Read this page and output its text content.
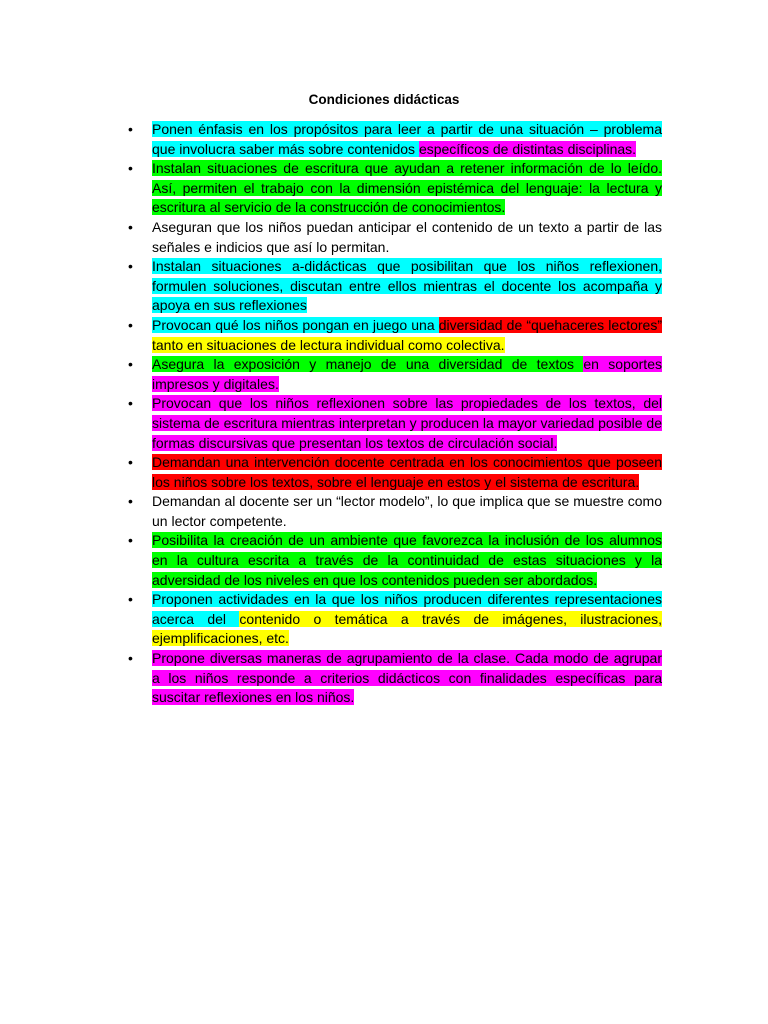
Condiciones didácticas
• Ponen énfasis en los propósitos para leer a partir de una situación – problema que involucra saber más sobre contenidos específicos de distintas disciplinas.
• Instalan situaciones de escritura que ayudan a retener información de lo leído. Así, permiten el trabajo con la dimensión epistémica del lenguaje: la lectura y escritura al servicio de la construcción de conocimientos.
• Aseguran que los niños puedan anticipar el contenido de un texto a partir de las señales e indicios que así lo permitan.
• Instalan situaciones a-didácticas que posibilitan que los niños reflexionen, formulen soluciones, discutan entre ellos mientras el docente los acompaña y apoya en sus reflexiones
• Provocan qué los niños pongan en juego una diversidad de “quehaceres lectores” tanto en situaciones de lectura individual como colectiva.
• Asegura la exposición y manejo de una diversidad de textos en soportes impresos y digitales.
• Provocan que los niños reflexionen sobre las propiedades de los textos, del sistema de escritura mientras interpretan y producen la mayor variedad posible de formas discursivas que presentan los textos de circulación social.
• Demandan una intervención docente centrada en los conocimientos que poseen los niños sobre los textos, sobre el lenguaje en estos y el sistema de escritura.
• Demandan al docente ser un “lector modelo”, lo que implica que se muestre como un lector competente.
• Posibilita la creación de un ambiente que favorezca la inclusión de los alumnos en la cultura escrita a través de la continuidad de estas situaciones y la adversidad de los niveles en que los contenidos pueden ser abordados.
• Proponen actividades en la que los niños producen diferentes representaciones acerca del contenido o temática a través de imágenes, ilustraciones, ejemplificaciones, etc.
• Propone diversas maneras de agrupamiento de la clase. Cada modo de agrupar a los niños responde a criterios didácticos con finalidades específicas para suscitar reflexiones en los niños.
